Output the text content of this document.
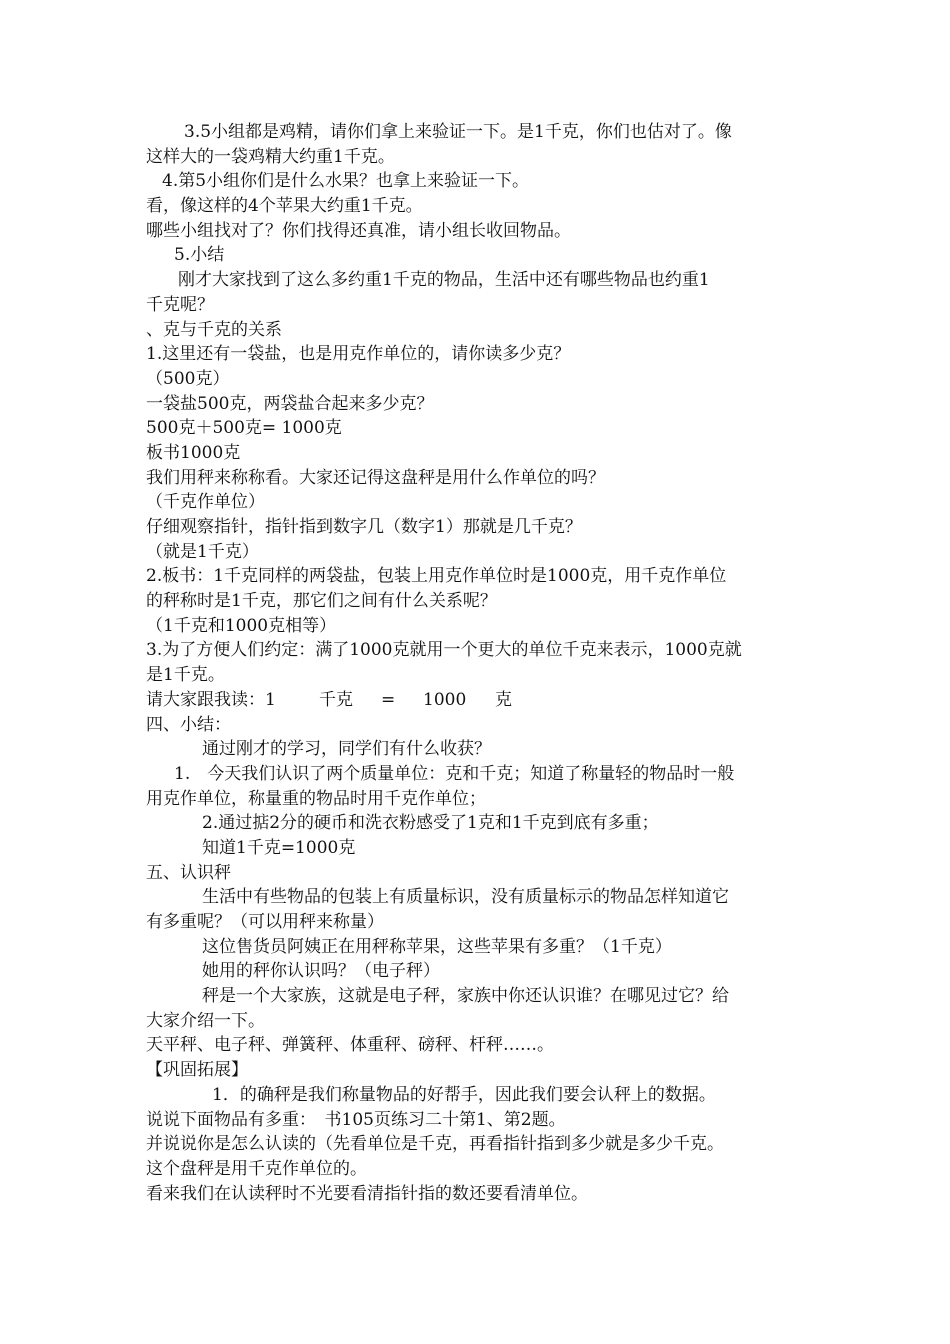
3.5小组都是鸡精，请你们拿上来验证一下。是1千克，你们也估对了。像
这样大的一袋鸡精大约重1千克。
4.第5小组你们是什么水果？也拿上来验证一下。
看，像这样的4个苹果大约重1千克。
哪些小组找对了？你们找得还真准，请小组长收回物品。
5.小结
刚才大家找到了这么多约重1千克的物品，生活中还有哪些物品也约重1
千克呢？
、克与千克的关系
1.这里还有一袋盐，也是用克作单位的，请你读多少克？
（500克）
一袋盐500克，两袋盐合起来多少克？
500克＋500克= 1000克
板书1000克
我们用秤来称称看。大家还记得这盘秤是用什么作单位的吗？
（千克作单位）
仔细观察指针，指针指到数字几（数字1）那就是几千克？
（就是1千克）
2.板书：1千克同样的两袋盐，包装上用克作单位时是1000克，用千克作单位
的秤称时是1千克，那它们之间有什么关系呢？
（1千克和1000克相等）
3.为了方便人们约定：满了1000克就用一个更大的单位千克来表示，1000克就
是1千克。
请大家跟我读：1	千克 = 1000 克
四、小结：
通过刚才的学习，同学们有什么收获？
1.　今天我们认识了两个质量单位：克和千克；知道了称量轻的物品时一般
用克作单位，称量重的物品时用千克作单位；
2.通过掂2分的硬币和洗衣粉感受了1克和1千克到底有多重；
知道1千克=1000克
五、认识秤
生活中有些物品的包装上有质量标识，没有质量标示的物品怎样知道它
有多重呢？（可以用秤来称量）
这位售货员阿姨正在用秤称苹果，这些苹果有多重？（1千克）
她用的秤你认识吗？（电子秤）
秤是一个大家族，这就是电子秤，家族中你还认识谁？在哪见过它？给
大家介绍一下。
天平秤、电子秤、弹簧秤、体重秤、磅秤、杆秤……。
【巩固拓展】
1．的确秤是我们称量物品的好帮手，因此我们要会认秤上的数据。
说说下面物品有多重：　书105页练习二十第1、第2题。
并说说你是怎么认读的（先看单位是千克，再看指针指到多少就是多少千克。
这个盘秤是用千克作单位的。
看来我们在认读秤时不光要看清指针指的数还要看清单位。
